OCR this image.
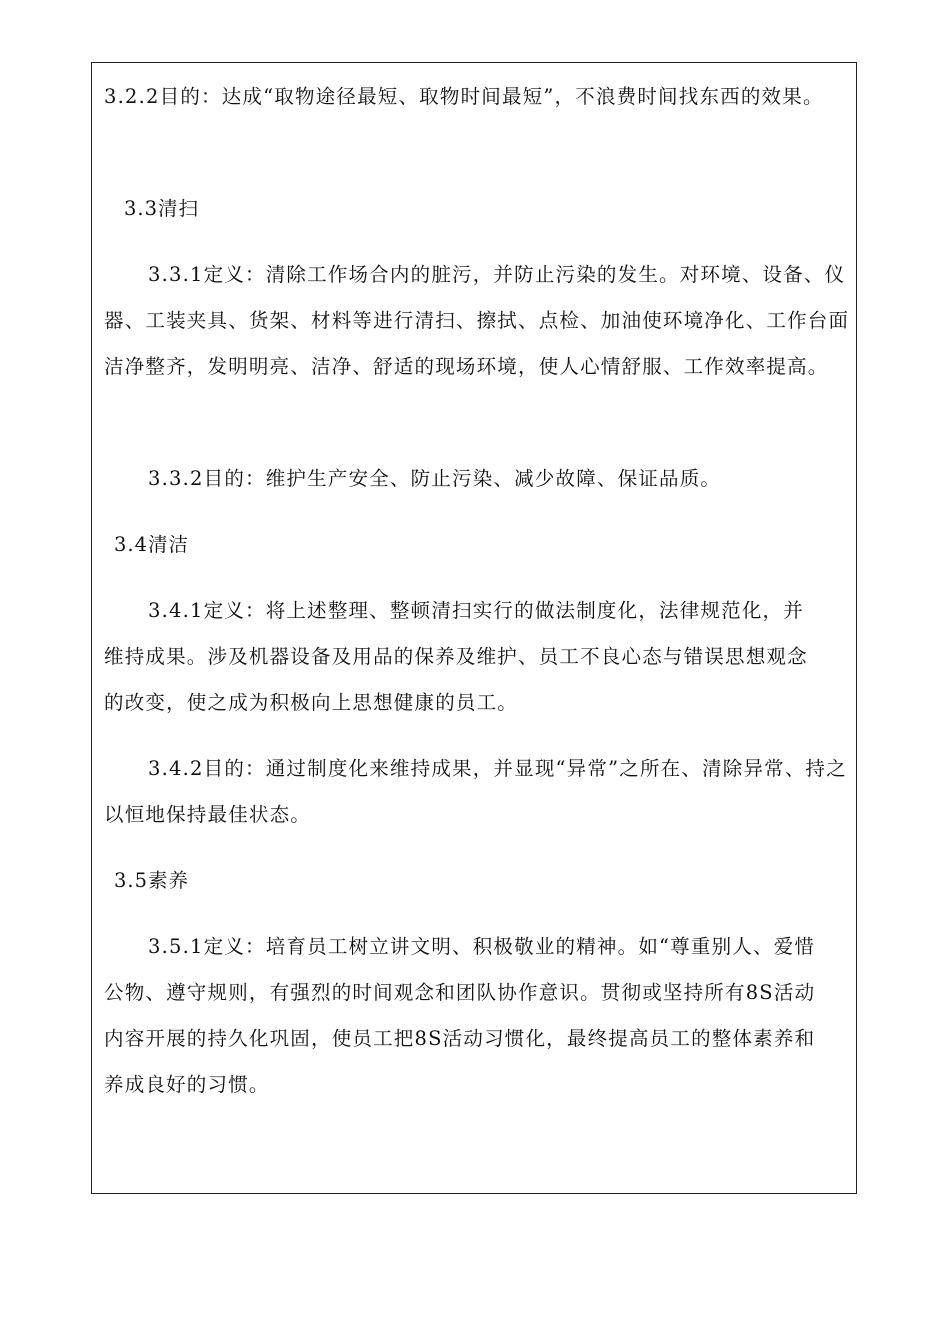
3.2.2目的：达成“取物途径最短、取物时间最短”，不浪费时间找东西的效果。
3.3清扫
3.3.1定义：清除工作场合内的脏污，并防止污染的发生。对环境、设备、仪器、工装夹具、货架、材料等进行清扫、擦拭、点检、加油使环境净化、工作台面洁净整齐，发明明亮、洁净、舒适的现场环境，使人心情舒服、工作效率提高。
3.3.2目的：维护生产安全、防止污染、减少故障、保证品质。
3.4清洁
3.4.1定义：将上述整理、整顿清扫实行的做法制度化，法律规范化，并维持成果。涉及机器设备及用品的保养及维护、员工不良心态与错误思想观念的改变，使之成为积极向上思想健康的员工。
3.4.2目的：通过制度化来维持成果，并显现“异常”之所在、清除异常、持之以恒地保持最佳状态。
3.5素养
3.5.1定义：培育员工树立讲文明、积极敬业的精神。如“尊重别人、爱惜公物、遵守规则，有强烈的时间观念和团队协作意识。贯彻或坚持所有8S活动内容开展的持久化巩固，使员工把8S活动习惯化，最终提高员工的整体素养和养成良好的习惯。
